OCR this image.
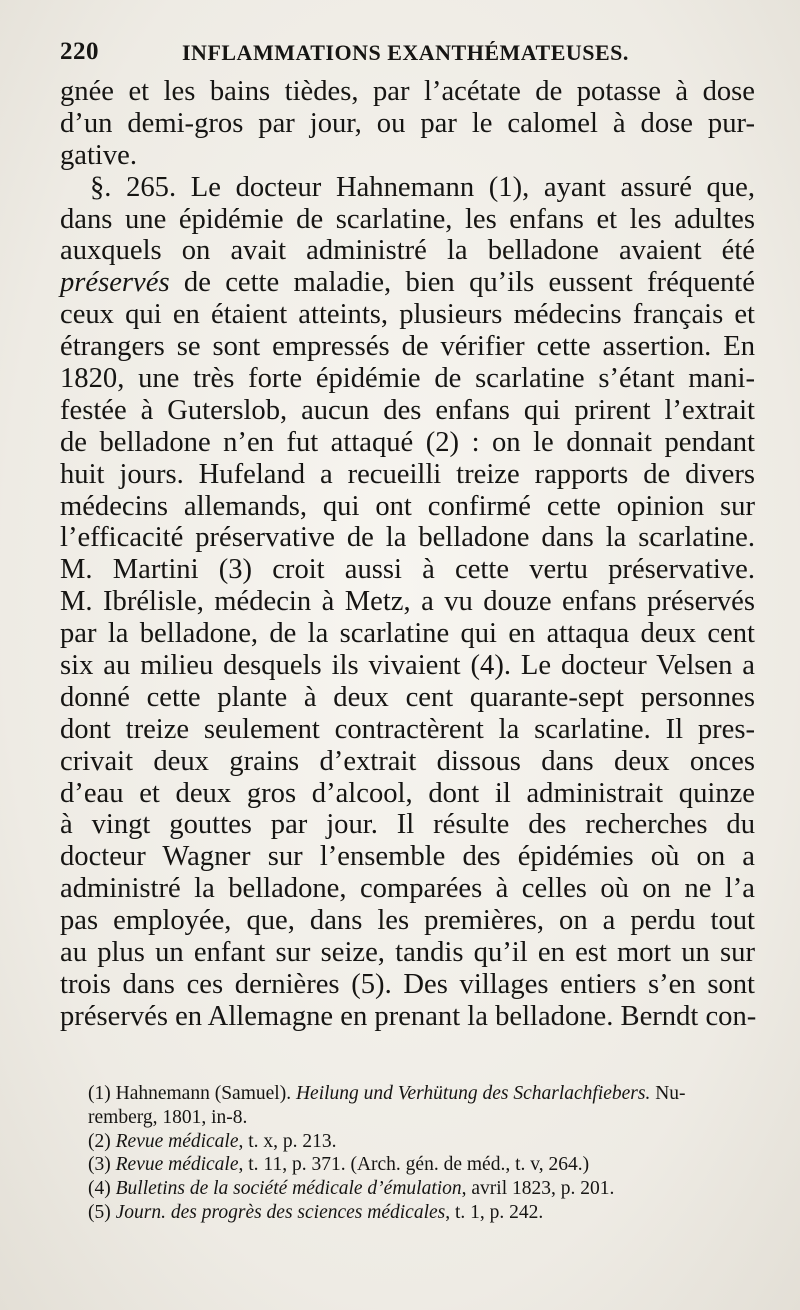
220	INFLAMMATIONS EXANTHÉMATEUSES.
gnée et les bains tièdes, par l’acétate de potasse à dose
d’un demi-gros par jour, ou par le calomel à dose pur-
gative.
§. 265. Le docteur Hahnemann (1), ayant assuré que,
dans une épidémie de scarlatine, les enfans et les adultes
auxquels on avait administré la belladone avaient été
préservés de cette maladie, bien qu’ils eussent fréquenté
ceux qui en étaient atteints, plusieurs médecins français et
étrangers se sont empressés de vérifier cette assertion. En
1820, une très forte épidémie de scarlatine s’étant mani-
festée à Guterslob, aucun des enfans qui prirent l’extrait
de belladone n’en fut attaqué (2) : on le donnait pendant
huit jours. Hufeland a recueilli treize rapports de divers
médecins allemands, qui ont confirmé cette opinion sur
l’efficacité préservative de la belladone dans la scarlatine.
M. Martini (3) croit aussi à cette vertu préservative.
M. Ibrélisle, médecin à Metz, a vu douze enfans préservés
par la belladone, de la scarlatine qui en attaqua deux cent
six au milieu desquels ils vivaient (4). Le docteur Velsen a
donné cette plante à deux cent quarante-sept personnes
dont treize seulement contractèrent la scarlatine. Il pres-
crivait deux grains d’extrait dissous dans deux onces
d’eau et deux gros d’alcool, dont il administrait quinze
à vingt gouttes par jour. Il résulte des recherches du
docteur Wagner sur l’ensemble des épidémies où on a
administré la belladone, comparées à celles où on ne l’a
pas employée, que, dans les premières, on a perdu tout
au plus un enfant sur seize, tandis qu’il en est mort un sur
trois dans ces dernières (5). Des villages entiers s’en sont
préservés en Allemagne en prenant la belladone. Berndt con-
(1) Hahnemann (Samuel). Heilung und Verhütung des Scharlachfiebers. Nu-
remberg, 1801, in-8.
(2) Revue médicale, t. x, p. 213.
(3) Revue médicale, t. 11, p. 371. (Arch. gén. de méd., t. v, 264.)
(4) Bulletins de la société médicale d’émulation, avril 1823, p. 201.
(5) Journ. des progrès des sciences médicales, t. 1, p. 242.
